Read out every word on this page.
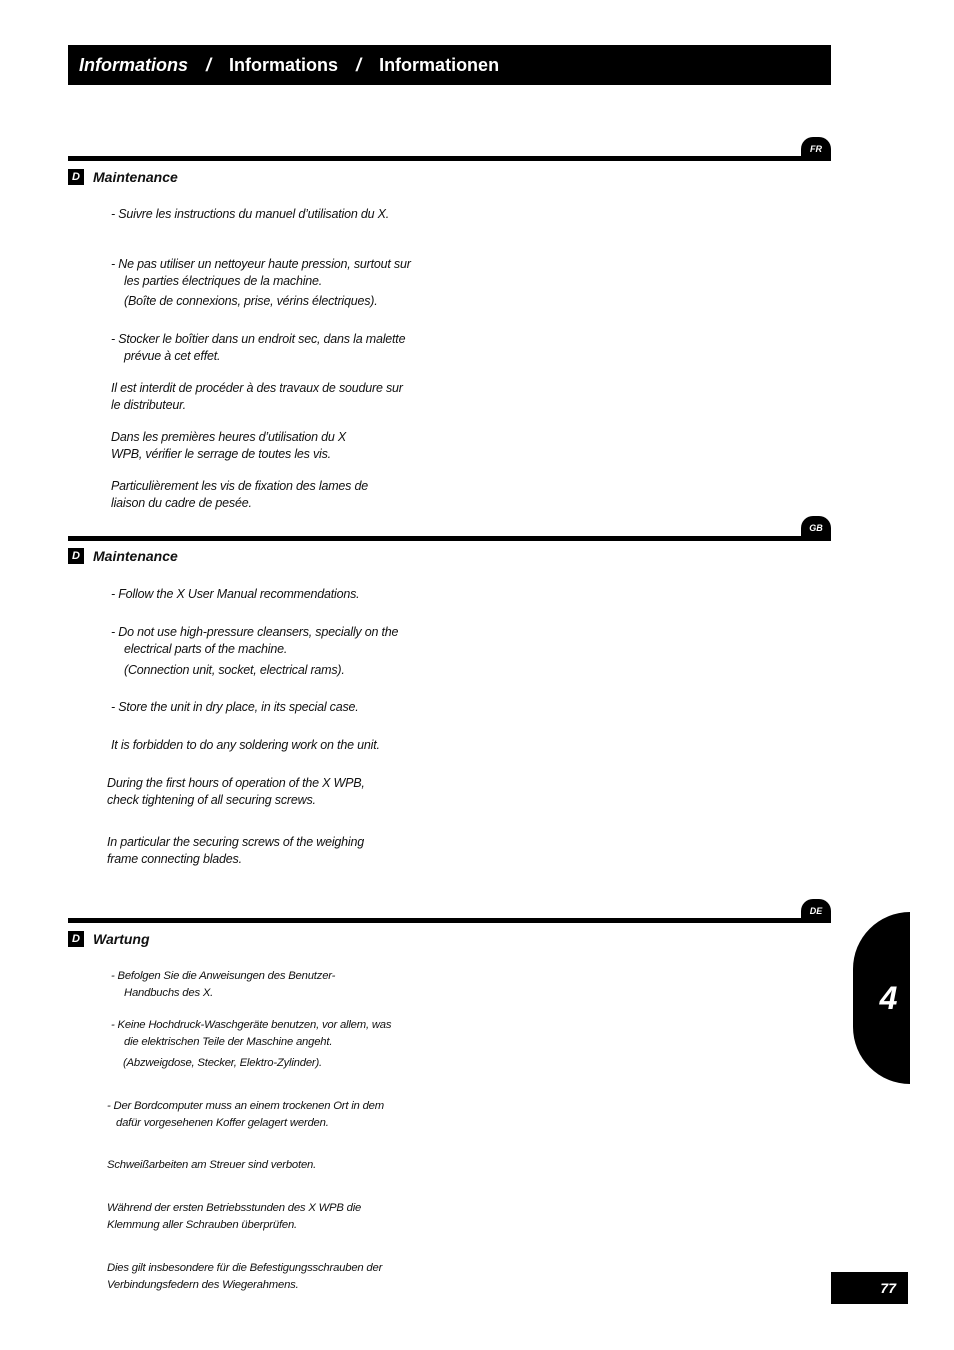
Informations / Informations / Informationen
FR
D Maintenance
- Suivre les instructions du manuel d’utilisation du X.
- Ne pas utiliser un nettoyeur haute pression, surtout sur les parties électriques de la machine.
(Boîte de connexions, prise, vérins électriques).
- Stocker le boîtier dans un endroit sec, dans la malette prévue à cet effet.
Il est interdit de procéder à des travaux de soudure sur le distributeur.
Dans les premières heures d’utilisation du X WPB, vérifier le serrage de toutes les vis.
Particulièrement les vis de fixation des lames de liaison du cadre de pesée.
GB
D Maintenance
- Follow the X User Manual recommendations.
- Do not use high-pressure cleansers, specially on the electrical parts of the machine.
(Connection unit, socket, electrical rams).
- Store the unit in dry place, in its special case.
It is forbidden to do any soldering work on the unit.
During the first hours of operation of the X WPB, check tightening of all securing screws.
In particular the securing screws of the weighing frame connecting blades.
DE
D Wartung
- Befolgen Sie die Anweisungen des Benutzer-Handbuchs des X.
- Keine Hochdruck-Waschgeräte benutzen, vor allem, was die elektrischen Teile der Maschine angeht.
(Abzweigdose, Stecker, Elektro-Zylinder).
- Der Bordcomputer muss an einem trockenen Ort in dem dafür vorgesehenen Koffer gelagert werden.
Schweißarbeiten am Streuer sind verboten.
Während der ersten Betriebsstunden des X WPB die Klemmung aller Schrauben überprüfen.
Dies gilt insbesondere für die Befestigungsschrauben der Verbindungsfedern des Wiegerahmens.
4
77
